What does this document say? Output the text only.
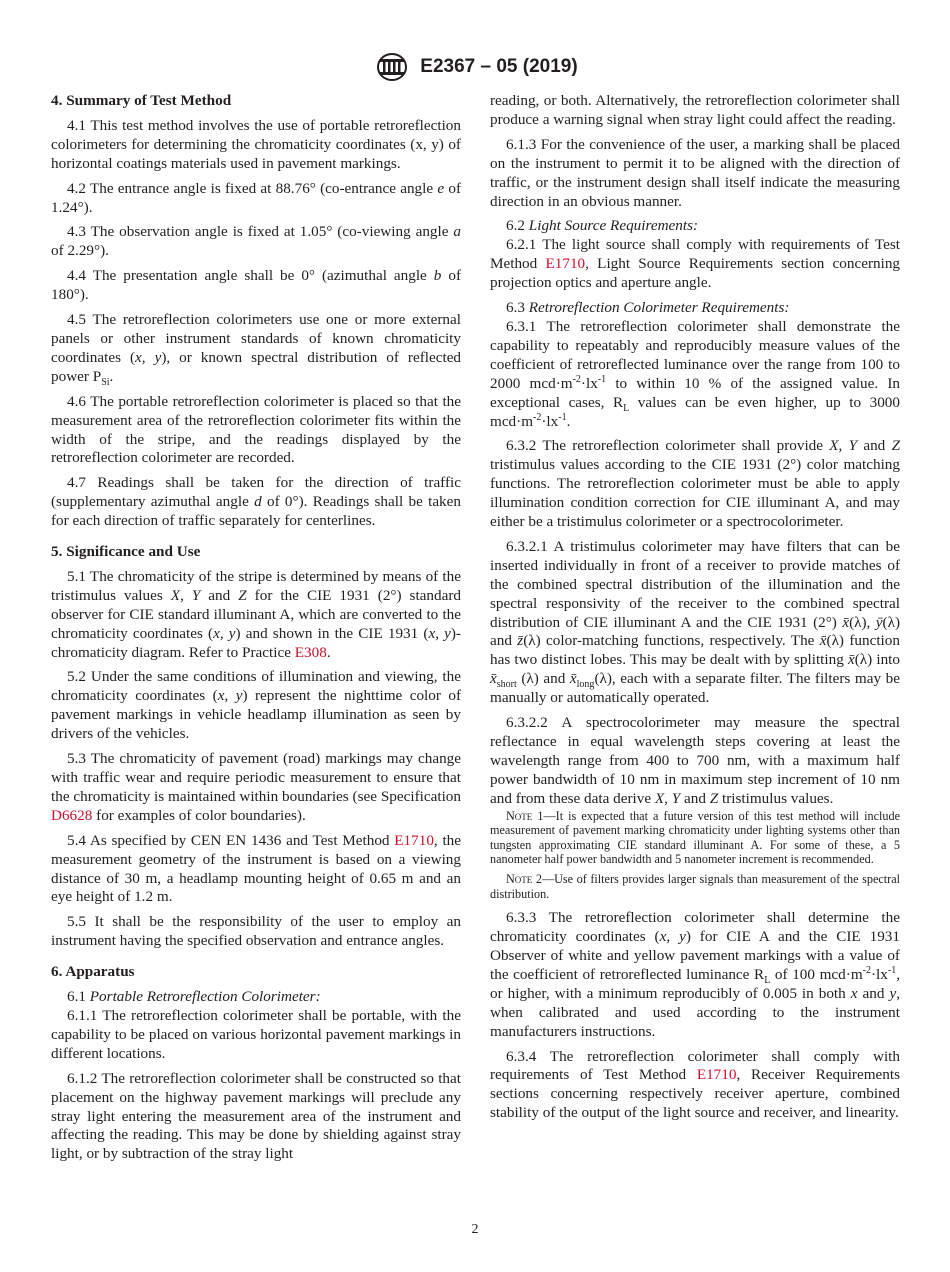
E2367 – 05 (2019)
4. Summary of Test Method

4.1 This test method involves the use of portable retroreflection colorimeters for determining the chromaticity coordinates (x, y) of horizontal coatings materials used in pavement markings.

4.2 The entrance angle is fixed at 88.76° (co-entrance angle e of 1.24°).

4.3 The observation angle is fixed at 1.05° (co-viewing angle a of 2.29°).

4.4 The presentation angle shall be 0° (azimuthal angle b of 180°).

4.5 The retroreflection colorimeters use one or more external panels or other instrument standards of known chromaticity coordinates (x, y), or known spectral distribution of reflected power $P_{Si}$.

4.6 The portable retroreflection colorimeter is placed so that the measurement area of the retroreflection colorimeter fits within the width of the stripe, and the readings displayed by the retroreflection colorimeter are recorded.

4.7 Readings shall be taken for the direction of traffic (supplementary azimuthal angle d of 0°). Readings shall be taken for each direction of traffic separately for centerlines.

5. Significance and Use

5.1 The chromaticity of the stripe is determined by means of the tristimulus values X, Y and Z for the CIE 1931 (2°) standard observer for CIE standard illuminant A, which are converted to the chromaticity coordinates (x, y) and shown in the CIE 1931 (x, y)-chromaticity diagram. Refer to Practice E308.

5.2 Under the same conditions of illumination and viewing, the chromaticity coordinates (x, y) represent the nighttime color of pavement markings in vehicle headlamp illumination as seen by drivers of the vehicles.

5.3 The chromaticity of pavement (road) markings may change with traffic wear and require periodic measurement to ensure that the chromaticity is maintained within boundaries (see Specification D6628 for examples of color boundaries).

5.4 As specified by CEN EN 1436 and Test Method E1710, the measurement geometry of the instrument is based on a viewing distance of 30 m, a headlamp mounting height of 0.65 m and an eye height of 1.2 m.

5.5 It shall be the responsibility of the user to employ an instrument having the specified observation and entrance angles.

6. Apparatus

6.1 Portable Retroreflection Colorimeter:

6.1.1 The retroreflection colorimeter shall be portable, with the capability to be placed on various horizontal pavement markings in different locations.

6.1.2 The retroreflection colorimeter shall be constructed so that placement on the highway pavement markings will preclude any stray light entering the measurement area of the instrument and affecting the reading. This may be done by shielding against stray light, or by subtraction of the stray light

reading, or both. Alternatively, the retroreflection colorimeter shall produce a warning signal when stray light could affect the reading.

6.1.3 For the convenience of the user, a marking shall be placed on the instrument to permit it to be aligned with the direction of traffic, or the instrument design shall itself indicate the measuring direction in an obvious manner.

6.2 Light Source Requirements:

6.2.1 The light source shall comply with requirements of Test Method E1710, Light Source Requirements section concerning projection optics and aperture angle.

6.3 Retroreflection Colorimeter Requirements:

6.3.1 The retroreflection colorimeter shall demonstrate the capability to repeatably and reproducibly measure values of the coefficient of retroreflected luminance over the range from 100 to 2000 $mcd\cdot m^{-2}\cdot lx^{-1}$ to within 10 % of the assigned value. In exceptional cases, $R_L$ values can be even higher, up to 3000 $mcd\cdot m^{-2}\cdot lx^{-1}$.

6.3.2 The retroreflection colorimeter shall provide X, Y and Z tristimulus values according to the CIE 1931 (2°) color matching functions. The retroreflection colorimeter must be able to apply illumination condition correction for CIE illuminant A, and may either be a tristimulus colorimeter or a spectrocolorimeter.

6.3.2.1 A tristimulus colorimeter may have filters that can be inserted individually in front of a receiver to provide matches of the combined spectral distribution of the illumination and the spectral responsivity of the receiver to the combined spectral distribution of CIE illuminant A and the CIE 1931 (2°) x̄(λ), ȳ(λ) and z̄(λ) color-matching functions, respectively. The x̄(λ) function has two distinct lobes. This may be dealt with by splitting x̄(λ) into $x̄_{short}$ (λ) and $x̄_{long}(\lambda)$, each with a separate filter. The filters may be manually or automatically operated.

6.3.2.2 A spectrocolorimeter may measure the spectral reflectance in equal wavelength steps covering at least the wavelength range from 400 to 700 nm, with a maximum half power bandwidth of 10 nm in maximum step increment of 10 nm and from these data derive X, Y and Z tristimulus values.

Note 1—It is expected that a future version of this test method will include measurement of pavement marking chromaticity under lighting systems other than tungsten approximating CIE standard illuminant A. For some of these, a 5 nanometer half power bandwidth and 5 nanometer increment is recommended.

Note 2—Use of filters provides larger signals than measurement of the spectral distribution.

6.3.3 The retroreflection colorimeter shall determine the chromaticity coordinates (x, y) for CIE A and the CIE 1931 Observer of white and yellow pavement markings with a value of the coefficient of retroreflected luminance $R_L$ of 100 $mcd\cdot m^{-2}\cdot lx^{-1}$, or higher, with a minimum reproducibly of 0.005 in both x and y, when calibrated and used according to the instrument manufacturers instructions.

6.3.4 The retroreflection colorimeter shall comply with requirements of Test Method E1710, Receiver Requirements sections concerning respectively receiver aperture, combined stability of the output of the light source and receiver, and linearity.

2
